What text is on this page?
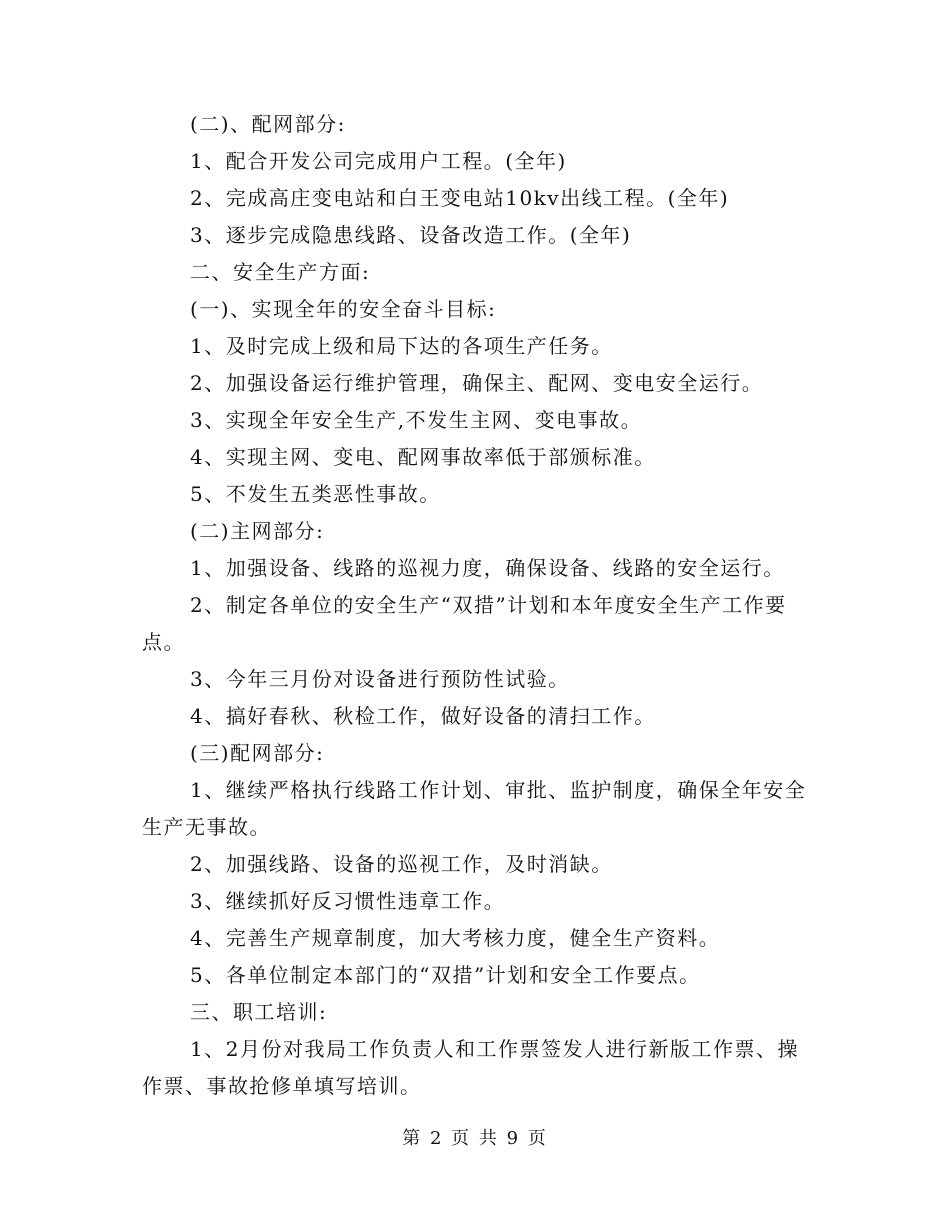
(二)、配网部分:

1、配合开发公司完成用户工程。(全年)

2、完成高庄变电站和白王变电站10kv出线工程。(全年)

3、逐步完成隐患线路、设备改造工作。(全年)

二、安全生产方面:

(一)、实现全年的安全奋斗目标:

1、及时完成上级和局下达的各项生产任务。

2、加强设备运行维护管理，确保主、配网、变电安全运行。

3、实现全年安全生产,不发生主网、变电事故。

4、实现主网、变电、配网事故率低于部颁标准。

5、不发生五类恶性事故。

(二)主网部分:

1、加强设备、线路的巡视力度，确保设备、线路的安全运行。

2、制定各单位的安全生产“双措”计划和本年度安全生产工作要点。

3、今年三月份对设备进行预防性试验。

4、搞好春秋、秋检工作，做好设备的清扫工作。

(三)配网部分:

1、继续严格执行线路工作计划、审批、监护制度，确保全年安全生产无事故。

2、加强线路、设备的巡视工作，及时消缺。

3、继续抓好反习惯性违章工作。

4、完善生产规章制度，加大考核力度，健全生产资料。

5、各单位制定本部门的“双措”计划和安全工作要点。

三、职工培训:

1、2月份对我局工作负责人和工作票签发人进行新版工作票、操作票、事故抢修单填写培训。

第 2 页 共 9 页
